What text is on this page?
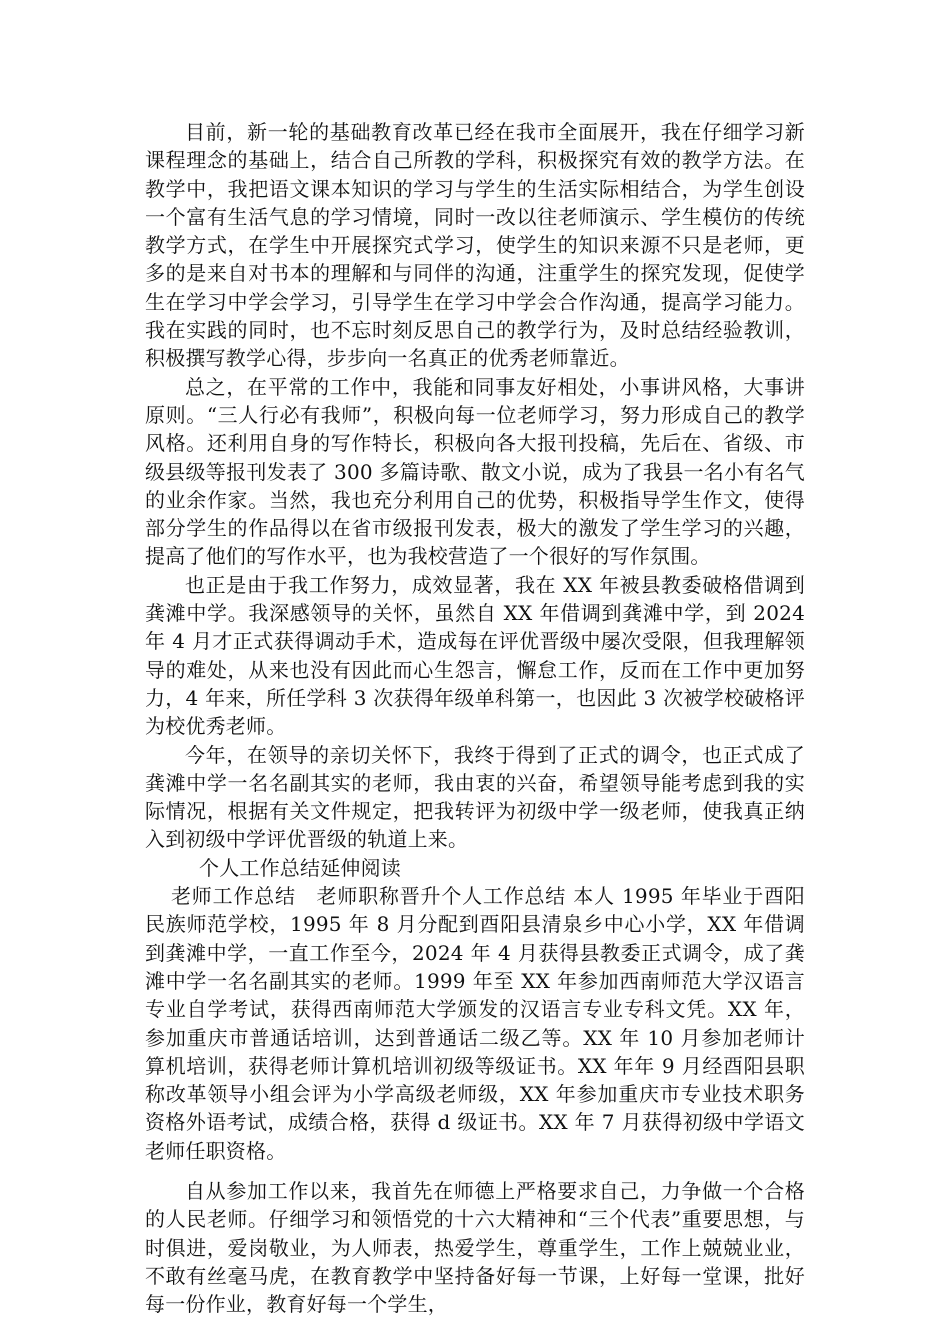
目前，新一轮的基础教育改革已经在我市全面展开，我在仔细学习新课程理念的基础上，结合自己所教的学科，积极探究有效的教学方法。在教学中，我把语文课本知识的学习与学生的生活实际相结合，为学生创设一个富有生活气息的学习情境，同时一改以往老师演示、学生模仿的传统教学方式，在学生中开展探究式学习，使学生的知识来源不只是老师，更多的是来自对书本的理解和与同伴的沟通，注重学生的探究发现，促使学生在学习中学会学习，引导学生在学习中学会合作沟通，提高学习能力。我在实践的同时，也不忘时刻反思自己的教学行为，及时总结经验教训，积极撰写教学心得，步步向一名真正的优秀老师靠近。

总之，在平常的工作中，我能和同事友好相处，小事讲风格，大事讲原则。“三人行必有我师”，积极向每一位老师学习，努力形成自己的教学风格。还利用自身的写作特长，积极向各大报刊投稿，先后在、省级、市级县级等报刊发表了 300 多篇诗歌、散文小说，成为了我县一名小有名气的业余作家。当然，我也充分利用自己的优势，积极指导学生作文，使得部分学生的作品得以在省市级报刊发表，极大的激发了学生学习的兴趣，提高了他们的写作水平，也为我校营造了一个很好的写作氛围。

也正是由于我工作努力，成效显著，我在 XX 年被县教委破格借调到龚滩中学。我深感领导的关怀，虽然自 XX 年借调到龚滩中学，到 2024 年 4 月才正式获得调动手术，造成每在评优晋级中屡次受限，但我理解领导的难处，从来也没有因此而心生怨言，懈怠工作，反而在工作中更加努力，4 年来，所任学科 3 次获得年级单科第一，也因此 3 次被学校破格评为校优秀老师。

今年，在领导的亲切关怀下，我终于得到了正式的调令，也正式成了龚滩中学一名名副其实的老师，我由衷的兴奋，希望领导能考虑到我的实际情况，根据有关文件规定，把我转评为初级中学一级老师，使我真正纳入到初级中学评优晋级的轨道上来。

个人工作总结延伸阅读

老师工作总结　老师职称晋升个人工作总结 本人 1995 年毕业于酉阳民族师范学校，1995 年 8 月分配到酉阳县清泉乡中心小学，XX 年借调到龚滩中学，一直工作至今，2024 年 4 月获得县教委正式调令，成了龚滩中学一名名副其实的老师。1999 年至 XX 年参加西南师范大学汉语言专业自学考试，获得西南师范大学颁发的汉语言专业专科文凭。XX 年，参加重庆市普通话培训，达到普通话二级乙等。XX 年 10 月参加老师计算机培训，获得老师计算机培训初级等级证书。XX 年年 9 月经酉阳县职称改革领导小组会评为小学高级老师级，XX 年参加重庆市专业技术职务资格外语考试，成绩合格，获得 d 级证书。XX 年 7 月获得初级中学语文老师任职资格。

自从参加工作以来，我首先在师德上严格要求自己，力争做一个合格的人民老师。仔细学习和领悟党的十六大精神和“三个代表”重要思想，与时俱进，爱岗敬业，为人师表，热爱学生，尊重学生，工作上兢兢业业，不敢有丝毫马虎，在教育教学中坚持备好每一节课，上好每一堂课，批好每一份作业，教育好每一个学生，
